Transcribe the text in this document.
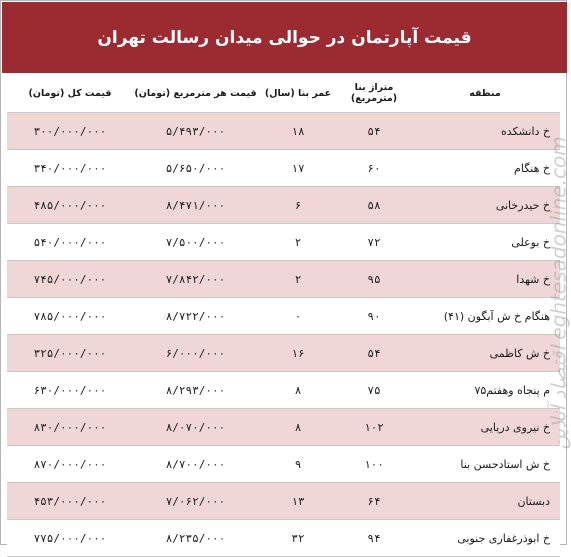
قیمت آپارتمان در حوالی میدان رسالت تهران
منطقه	متراژ بنا (مترمربع)	عمر بنا (سال)	قیمت هر مترمربع (تومان)	قیمت کل (تومان)
خ دانشکده	۵۴	۱۸	۵/۴۹۳/۰۰۰	۳۰۰/۰۰۰/۰۰۰
خ هنگام	۶۰	۱۷	۵/۶۵۰/۰۰۰	۳۴۰/۰۰۰/۰۰۰
خ حیدرخانی	۵۸	۶	۸/۴۷۱/۰۰۰	۴۸۵/۰۰۰/۰۰۰
خ بوعلی	۷۲	۲	۷/۵۰۰/۰۰۰	۵۴۰/۰۰۰/۰۰۰
خ شهدا	۹۵	۲	۷/۸۴۲/۰۰۰	۷۴۵/۰۰۰/۰۰۰
هنگام خ ش آبگون (۴۱)	۹۰	۰	۸/۷۲۲/۰۰۰	۷۸۵/۰۰۰/۰۰۰
خ ش کاظمی	۵۴	۱۶	۶/۰۰۰/۰۰۰	۳۲۵/۰۰۰/۰۰۰
م پنجاه وهفتم۷۵	۷۵	۸	۸/۲۹۳/۰۰۰	۶۳۰/۰۰۰/۰۰۰
خ نیروی دریایی	۱۰۲	۸	۸/۰۷۰/۰۰۰	۸۳۰/۰۰۰/۰۰۰
خ ش استادحسن بنا	۱۰۰	۹	۸/۷۰۰/۰۰۰	۸۷۰/۰۰۰/۰۰۰
دبستان	۶۴	۱۳	۷/۰۶۲/۰۰۰	۴۵۳/۰۰۰/۰۰۰
خ ابوذرغفاری جنوبی	۹۴	۳۲	۸/۲۳۵/۰۰۰	۷۷۵/۰۰۰/۰۰۰
اقتصاد آنلاین eghtesadonline.com
